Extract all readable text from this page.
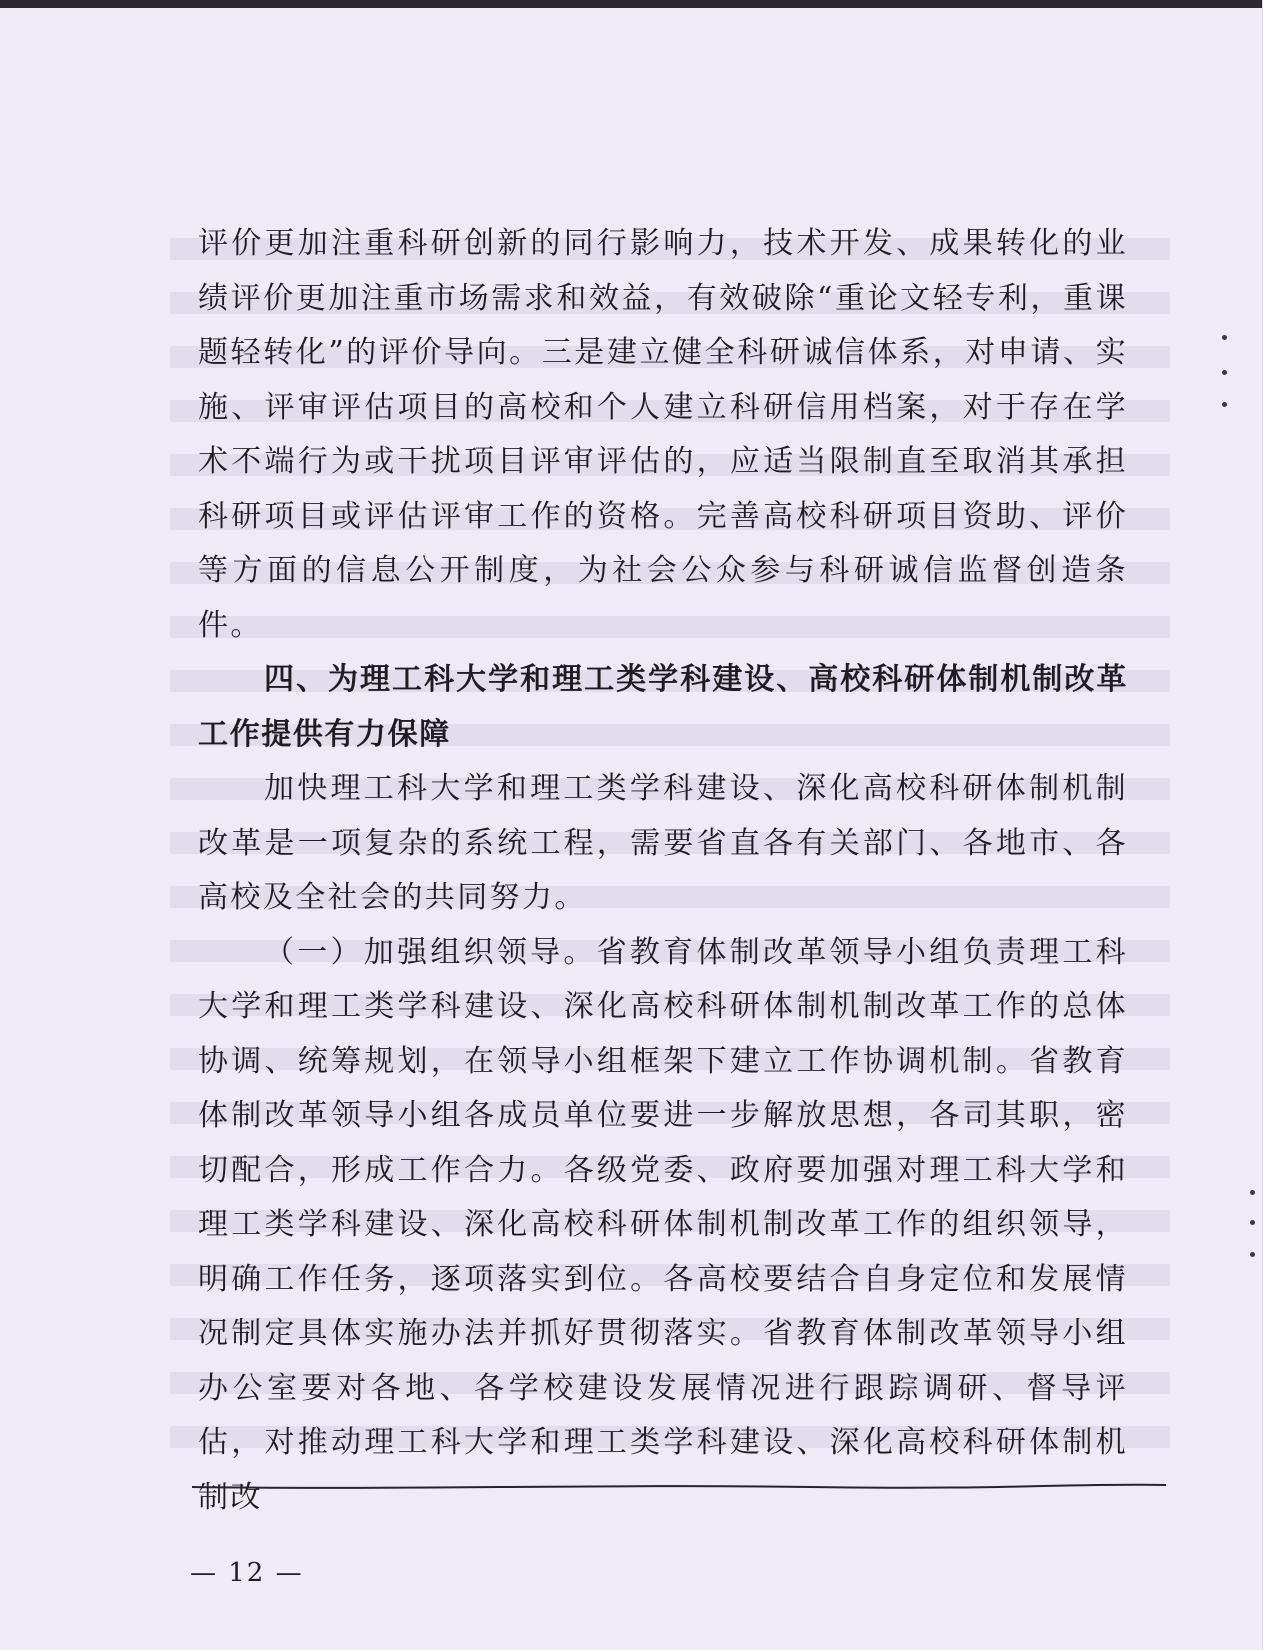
评价更加注重科研创新的同行影响力，技术开发、成果转化的业绩评价更加注重市场需求和效益，有效破除“重论文轻专利，重课题轻转化”的评价导向。三是建立健全科研诚信体系，对申请、实施、评审评估项目的高校和个人建立科研信用档案，对于存在学术不端行为或干扰项目评审评估的，应适当限制直至取消其承担科研项目或评估评审工作的资格。完善高校科研项目资助、评价等方面的信息公开制度，为社会公众参与科研诚信监督创造条件。

四、为理工科大学和理工类学科建设、高校科研体制机制改革工作提供有力保障

加快理工科大学和理工类学科建设、深化高校科研体制机制改革是一项复杂的系统工程，需要省直各有关部门、各地市、各高校及全社会的共同努力。

（一）加强组织领导。省教育体制改革领导小组负责理工科大学和理工类学科建设、深化高校科研体制机制改革工作的总体协调、统筹规划，在领导小组框架下建立工作协调机制。省教育体制改革领导小组各成员单位要进一步解放思想，各司其职，密切配合，形成工作合力。各级党委、政府要加强对理工科大学和理工类学科建设、深化高校科研体制机制改革工作的组织领导，明确工作任务，逐项落实到位。各高校要结合自身定位和发展情况制定具体实施办法并抓好贯彻落实。省教育体制改革领导小组办公室要对各地、各学校建设发展情况进行跟踪调研、督导评估，对推动理工科大学和理工类学科建设、深化高校科研体制机制改

— 12 —
